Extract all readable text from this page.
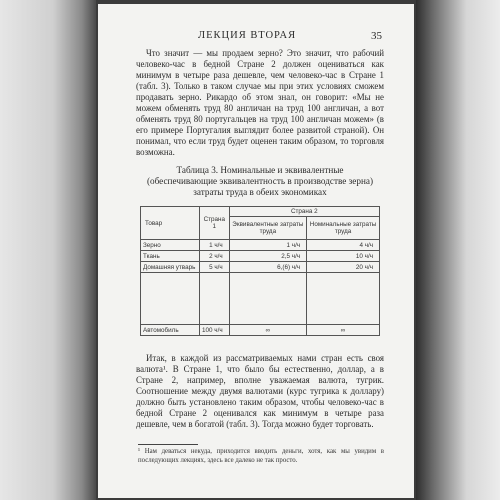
ЛЕКЦИЯ ВТОРАЯ	35
Что значит — мы продаем зерно? Это значит, что рабочий человеко-час в бедной Стране 2 должен оцениваться как минимум в четыре раза дешевле, чем человеко-час в Стране 1 (табл. 3). Только в таком случае мы при этих условиях сможем продавать зерно. Рикардо об этом знал, он говорит: «Мы не можем обменять труд 80 англичан на труд 100 англичан, а вот обменять труд 80 португальцев на труд 100 англичан можем» (в его примере Португалия выглядит более развитой страной). Он понимал, что если труд будет оценен таким образом, то торговля возможна.
Таблица 3. Номинальные и эквивалентные
(обеспечивающие эквивалентность в производстве зерна)
затраты труда в обеих экономиках
Товар	Страна 1	Страна 2	
		Эквивалентные затраты труда	Номинальные затраты труда
Зерно	1 ч/ч	1 ч/ч	4 ч/ч
Ткань	2 ч/ч	2,5 ч/ч	10 ч/ч
Домашняя утварь	5 ч/ч	6,(6) ч/ч	20 ч/ч

Автомобиль	100 ч/ч	∞	∞
Итак, в каждой из рассматриваемых нами стран есть своя валюта¹. В Стране 1, что было бы естественно, доллар, а в Стране 2, например, вполне уважаемая валюта, тугрик. Соотношение между двумя валютами (курс тугрика к доллару) должно быть установлено таким образом, чтобы человеко-час в бедной Стране 2 оценивался как минимум в четыре раза дешевле, чем в богатой (табл. 3). Тогда можно будет торговать.
¹ Нам деваться некуда, приходится вводить деньги, хотя, как мы увидим в последующих лекциях, здесь все далеко не так просто.
